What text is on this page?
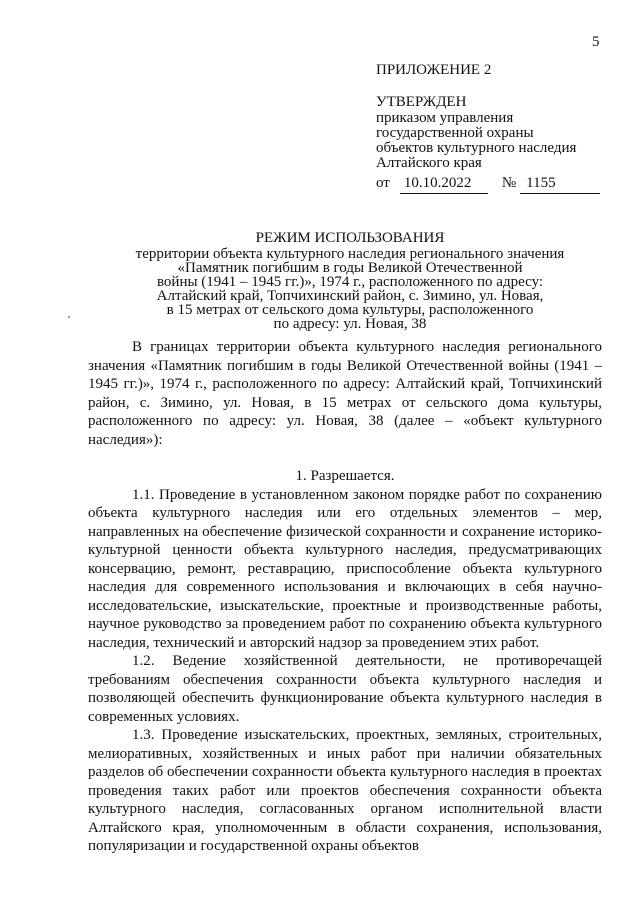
5
ПРИЛОЖЕНИЕ 2
УТВЕРЖДЕН
приказом управления
государственной охраны
объектов культурного наследия
Алтайского края
от 10.10.2022 № 1155
РЕЖИМ ИСПОЛЬЗОВАНИЯ
территории объекта культурного наследия регионального значения
«Памятник погибшим в годы Великой Отечественной
войны (1941 – 1945 гг.)», 1974 г., расположенного по адресу:
Алтайский край, Топчихинский район, с. Зимино, ул. Новая,
в 15 метрах от сельского дома культуры, расположенного
по адресу: ул. Новая, 38

В границах территории объекта культурного наследия регионального значения «Памятник погибшим в годы Великой Отечественной войны (1941 – 1945 гг.)», 1974 г., расположенного по адресу: Алтайский край, Топчихинский район, с. Зимино, ул. Новая, в 15 метрах от сельского дома культуры, расположенного по адресу: ул. Новая, 38 (далее – «объект культурного наследия»):

1. Разрешается.

1.1. Проведение в установленном законом порядке работ по сохранению объекта культурного наследия или его отдельных элементов – мер, направленных на обеспечение физической сохранности и сохранение историко-культурной ценности объекта культурного наследия, предусматривающих консервацию, ремонт, реставрацию, приспособление объекта культурного наследия для современного использования и включающих в себя научно-исследовательские, изыскательские, проектные и производственные работы, научное руководство за проведением работ по сохранению объекта культурного наследия, технический и авторский надзор за проведением этих работ.

1.2. Ведение хозяйственной деятельности, не противоречащей требованиям обеспечения сохранности объекта культурного наследия и позволяющей обеспечить функционирование объекта культурного наследия в современных условиях.

1.3. Проведение изыскательских, проектных, земляных, строительных, мелиоративных, хозяйственных и иных работ при наличии обязательных разделов об обеспечении сохранности объекта культурного наследия в проектах проведения таких работ или проектов обеспечения сохранности объекта культурного наследия, согласованных органом исполнительной власти Алтайского края, уполномоченным в области сохранения, использования, популяризации и государственной охраны объектов
